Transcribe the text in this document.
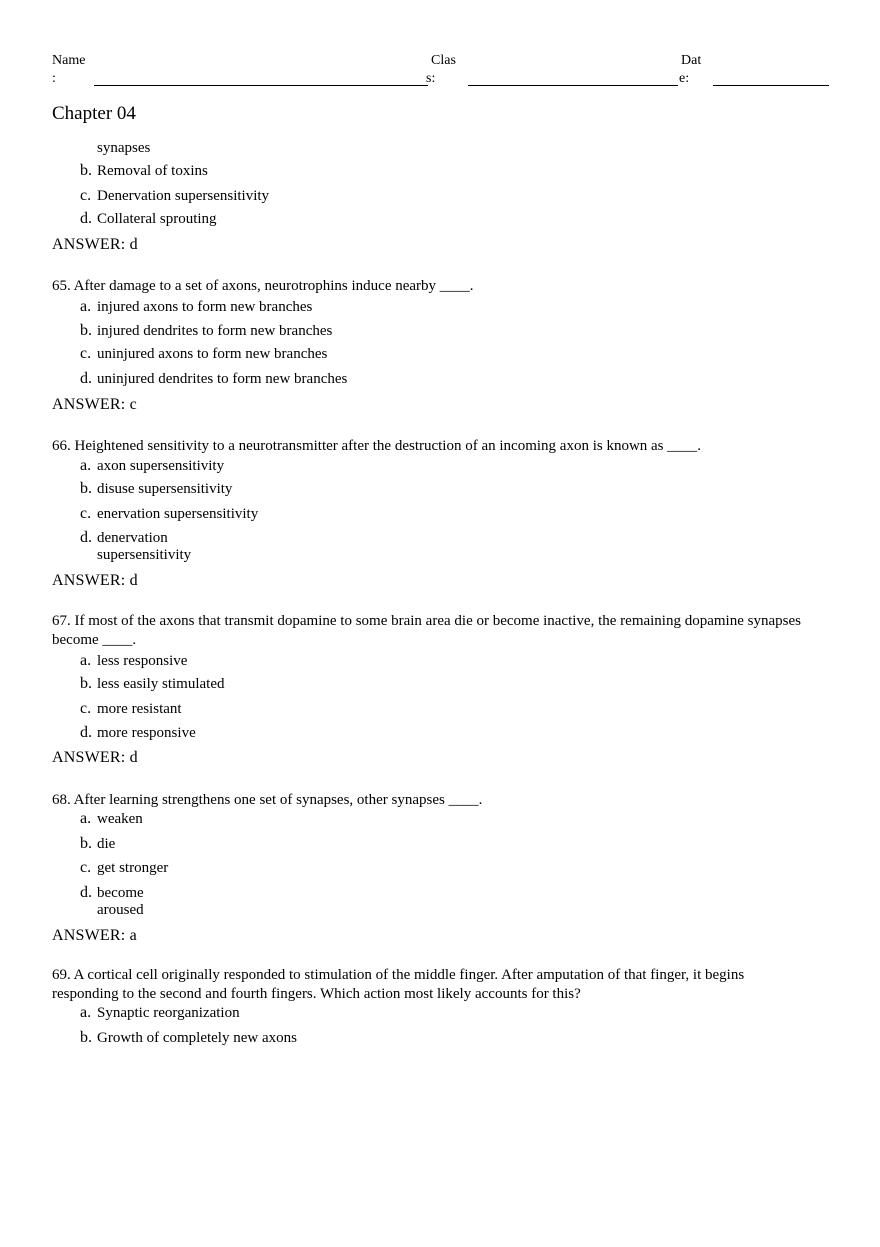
Name
:
Clas
s:
Dat
e:
Chapter 04
synapses
b. Removal of toxins
c. Denervation supersensitivity
d. Collateral sprouting
ANSWER: d
65. After damage to a set of axons, neurotrophins induce nearby ____.
a. injured axons to form new branches
b. injured dendrites to form new branches
c. uninjured axons to form new branches
d. uninjured dendrites to form new branches
ANSWER: c
66. Heightened sensitivity to a neurotransmitter after the destruction of an incoming axon is known as ____.
a. axon supersensitivity
b. disuse supersensitivity
c. enervation supersensitivity
d. denervation
supersensitivity
ANSWER: d
67. If most of the axons that transmit dopamine to some brain area die or become inactive, the remaining dopamine synapses become ____.
a. less responsive
b. less easily stimulated
c. more resistant
d. more responsive
ANSWER: d
68. After learning strengthens one set of synapses, other synapses ____.
a. weaken
b. die
c. get stronger
d. become
aroused
ANSWER: a
69. A cortical cell originally responded to stimulation of the middle finger. After amputation of that finger, it begins responding to the second and fourth fingers. Which action most likely accounts for this?
a. Synaptic reorganization
b. Growth of completely new axons
